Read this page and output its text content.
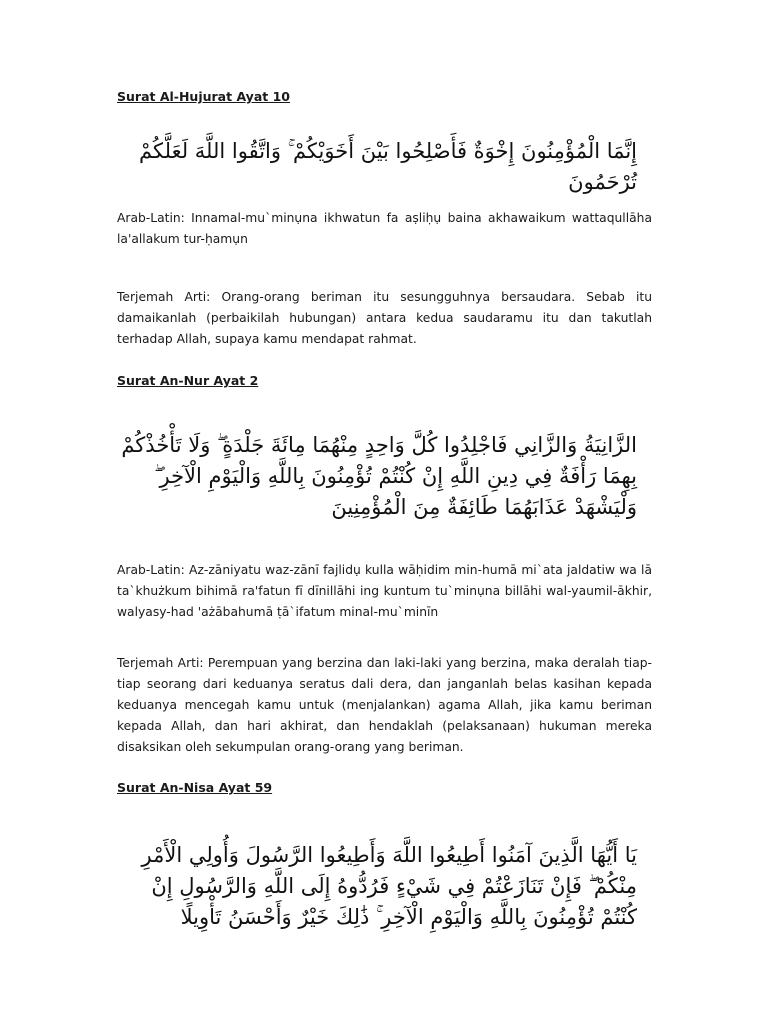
Surat Al-Hujurat Ayat 10
إِنَّمَا الْمُؤْمِنُونَ إِخْوَةٌ فَأَصْلِحُوا بَيْنَ أَخَوَيْكُمْ ۚ وَاتَّقُوا اللَّهَ لَعَلَّكُمْ تُرْحَمُونَ
Arab-Latin: Innamal-mu`minụna ikhwatun fa aṣliḥụ baina akhawaikum wattaqullāha la'allakum tur-ḥamụn
Terjemah Arti: Orang-orang beriman itu sesungguhnya bersaudara. Sebab itu damaikanlah (perbaikilah hubungan) antara kedua saudaramu itu dan takutlah terhadap Allah, supaya kamu mendapat rahmat.
Surat An-Nur Ayat 2
الزَّانِيَةُ وَالزَّانِي فَاجْلِدُوا كُلَّ وَاحِدٍ مِنْهُمَا مِائَةَ جَلْدَةٍ ۖ وَلَا تَأْخُذْكُمْ بِهِمَا رَأْفَةٌ فِي دِينِ اللَّهِ إِنْ كُنْتُمْ تُؤْمِنُونَ بِاللَّهِ وَالْيَوْمِ الْآخِرِ ۖ وَلْيَشْهَدْ عَذَابَهُمَا طَائِفَةٌ مِنَ الْمُؤْمِنِينَ
Arab-Latin: Az-zāniyatu waz-zānī fajlidụ kulla wāḥidim min-humā mi`ata jaldatiw wa lā ta`khużkum bihimā ra'fatun fī dīnillāhi ing kuntum tu`minụna billāhi wal-yaumil-ākhir, walyasy-had 'ażābahumā ṭā`ifatum minal-mu`minīn
Terjemah Arti: Perempuan yang berzina dan laki-laki yang berzina, maka deralah tiap-tiap seorang dari keduanya seratus dali dera, dan janganlah belas kasihan kepada keduanya mencegah kamu untuk (menjalankan) agama Allah, jika kamu beriman kepada Allah, dan hari akhirat, dan hendaklah (pelaksanaan) hukuman mereka disaksikan oleh sekumpulan orang-orang yang beriman.
Surat An-Nisa Ayat 59
يَا أَيُّهَا الَّذِينَ آمَنُوا أَطِيعُوا اللَّهَ وَأَطِيعُوا الرَّسُولَ وَأُولِي الْأَمْرِ مِنْكُمْ ۖ فَإِنْ تَنَازَعْتُمْ فِي شَيْءٍ فَرُدُّوهُ إِلَى اللَّهِ وَالرَّسُولِ إِنْ كُنْتُمْ تُؤْمِنُونَ بِاللَّهِ وَالْيَوْمِ الْآخِرِ ۚ ذَٰلِكَ خَيْرٌ وَأَحْسَنُ تَأْوِيلًا
